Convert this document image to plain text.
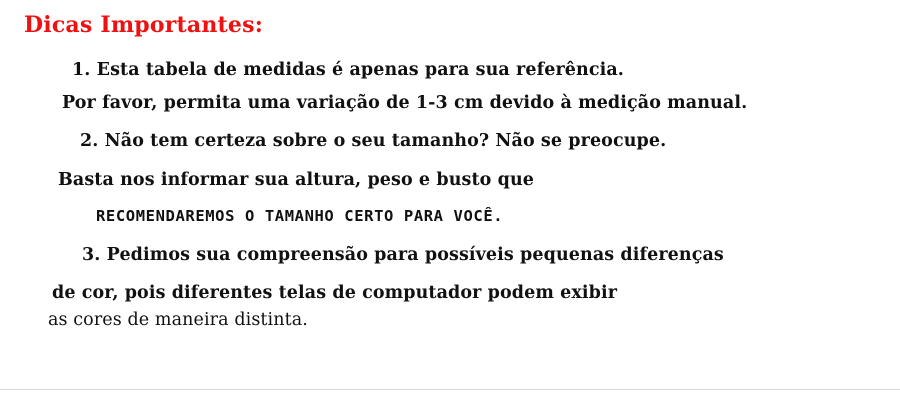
Dicas Importantes:
1. Esta tabela de medidas é apenas para sua referência.
Por favor, permita uma variação de 1-3 cm devido à medição manual.
2. Não tem certeza sobre o seu tamanho? Não se preocupe.
Basta nos informar sua altura, peso e busto que
RECOMENDAREMOS O TAMANHO CERTO PARA VOCÊ.
3. Pedimos sua compreensão para possíveis pequenas diferenças
de cor, pois diferentes telas de computador podem exibir
as cores de maneira distinta.
